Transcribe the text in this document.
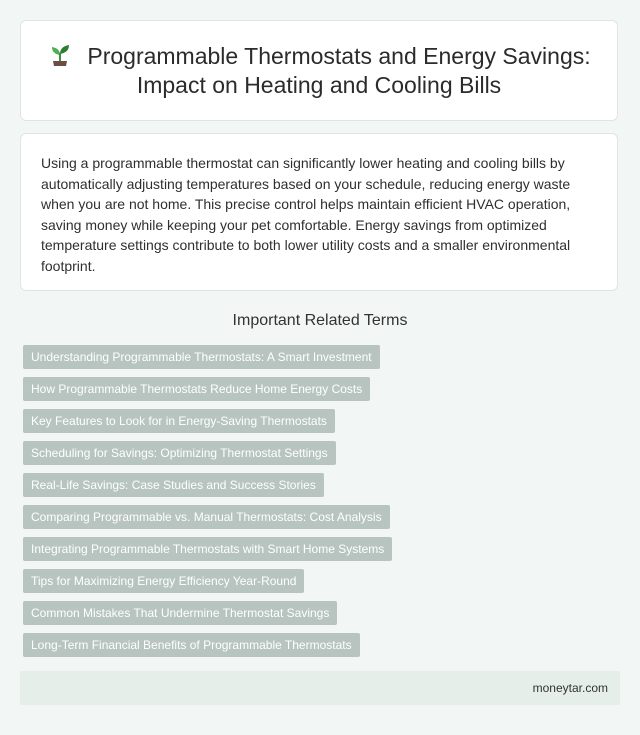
Programmable Thermostats and Energy Savings: Impact on Heating and Cooling Bills

Using a programmable thermostat can significantly lower heating and cooling bills by automatically adjusting temperatures based on your schedule, reducing energy waste when you are not home. This precise control helps maintain efficient HVAC operation, saving money while keeping your pet comfortable. Energy savings from optimized temperature settings contribute to both lower utility costs and a smaller environmental footprint.

Important Related Terms
Understanding Programmable Thermostats: A Smart Investment
How Programmable Thermostats Reduce Home Energy Costs
Key Features to Look for in Energy-Saving Thermostats
Scheduling for Savings: Optimizing Thermostat Settings
Real-Life Savings: Case Studies and Success Stories
Comparing Programmable vs. Manual Thermostats: Cost Analysis
Integrating Programmable Thermostats with Smart Home Systems
Tips for Maximizing Energy Efficiency Year-Round
Common Mistakes That Undermine Thermostat Savings
Long-Term Financial Benefits of Programmable Thermostats
moneytar.com
